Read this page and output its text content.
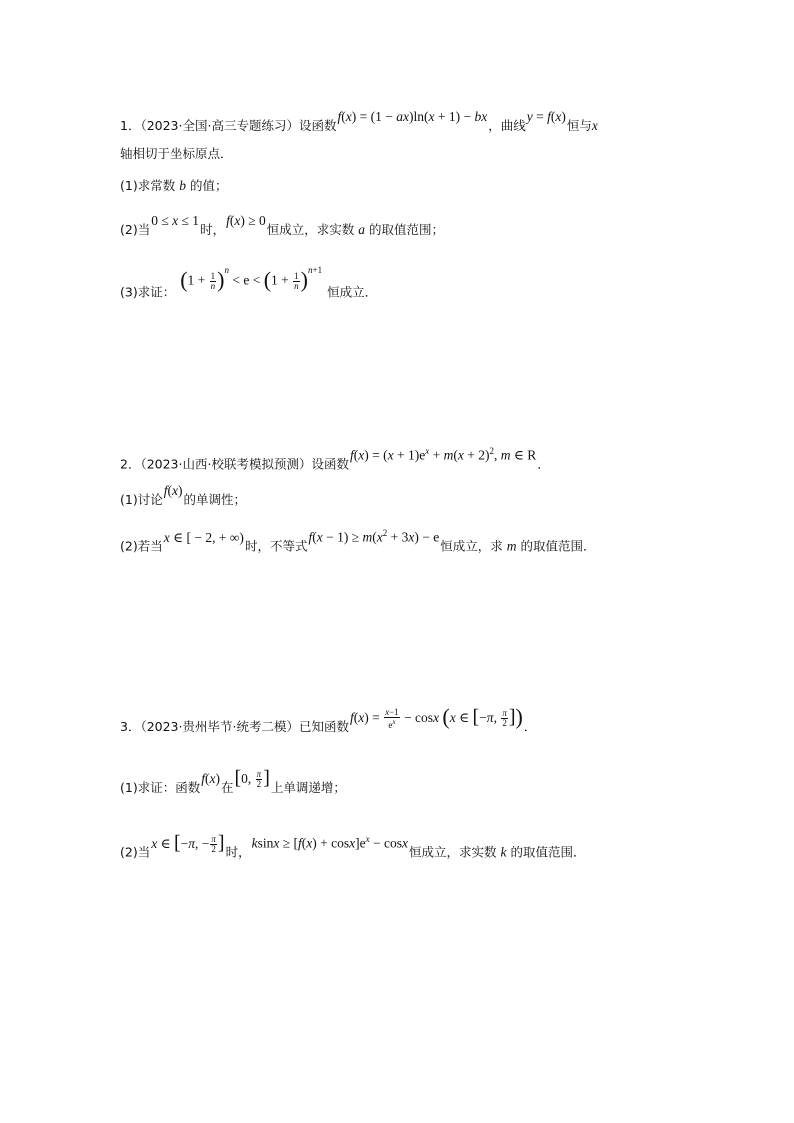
1．（2023·全国·高三专题练习）设函数f(x) = (1 − ax)ln(x + 1) − bx，曲线y = f(x)恒与x
轴相切于坐标原点．
(1)求常数 b 的值；
(2)当0 ≤ x ≤ 1时，f(x) ≥ 0恒成立，求实数 a 的取值范围；
(3)求证： $(1 + \frac{1}{n} )^n < e < (1 + \frac{1}{n} )^{n+1}$ 恒成立．
2．（2023·山西·校联考模拟预测）设函数$f(x) = (x + 1)e^x + m(x + 2)^2$, m ∈ R．
(1)讨论f(x)的单调性；
(2)若当x ∈ [ − 2, + ∞)时，不等式$f(x - 1) \ge m(x^2 + 3x) - e$恒成立，求 m 的取值范围．
3．（2023·贵州毕节·统考二模）已知函数$f(x) = \frac{x-1}{e^x} - \cos x$ (x ∈ [−π, $\frac{\pi}{2}$ ])．
(1)求证：函数f(x)在[0, $\frac{\pi}{2}$ ]上单调递增；
(2)当x ∈ [−π, − $\frac{\pi}{2}$ ]时，$ksinx \ge [f(x) + \cos x]e^x - \cos x$恒成立，求实数 k 的取值范围．
